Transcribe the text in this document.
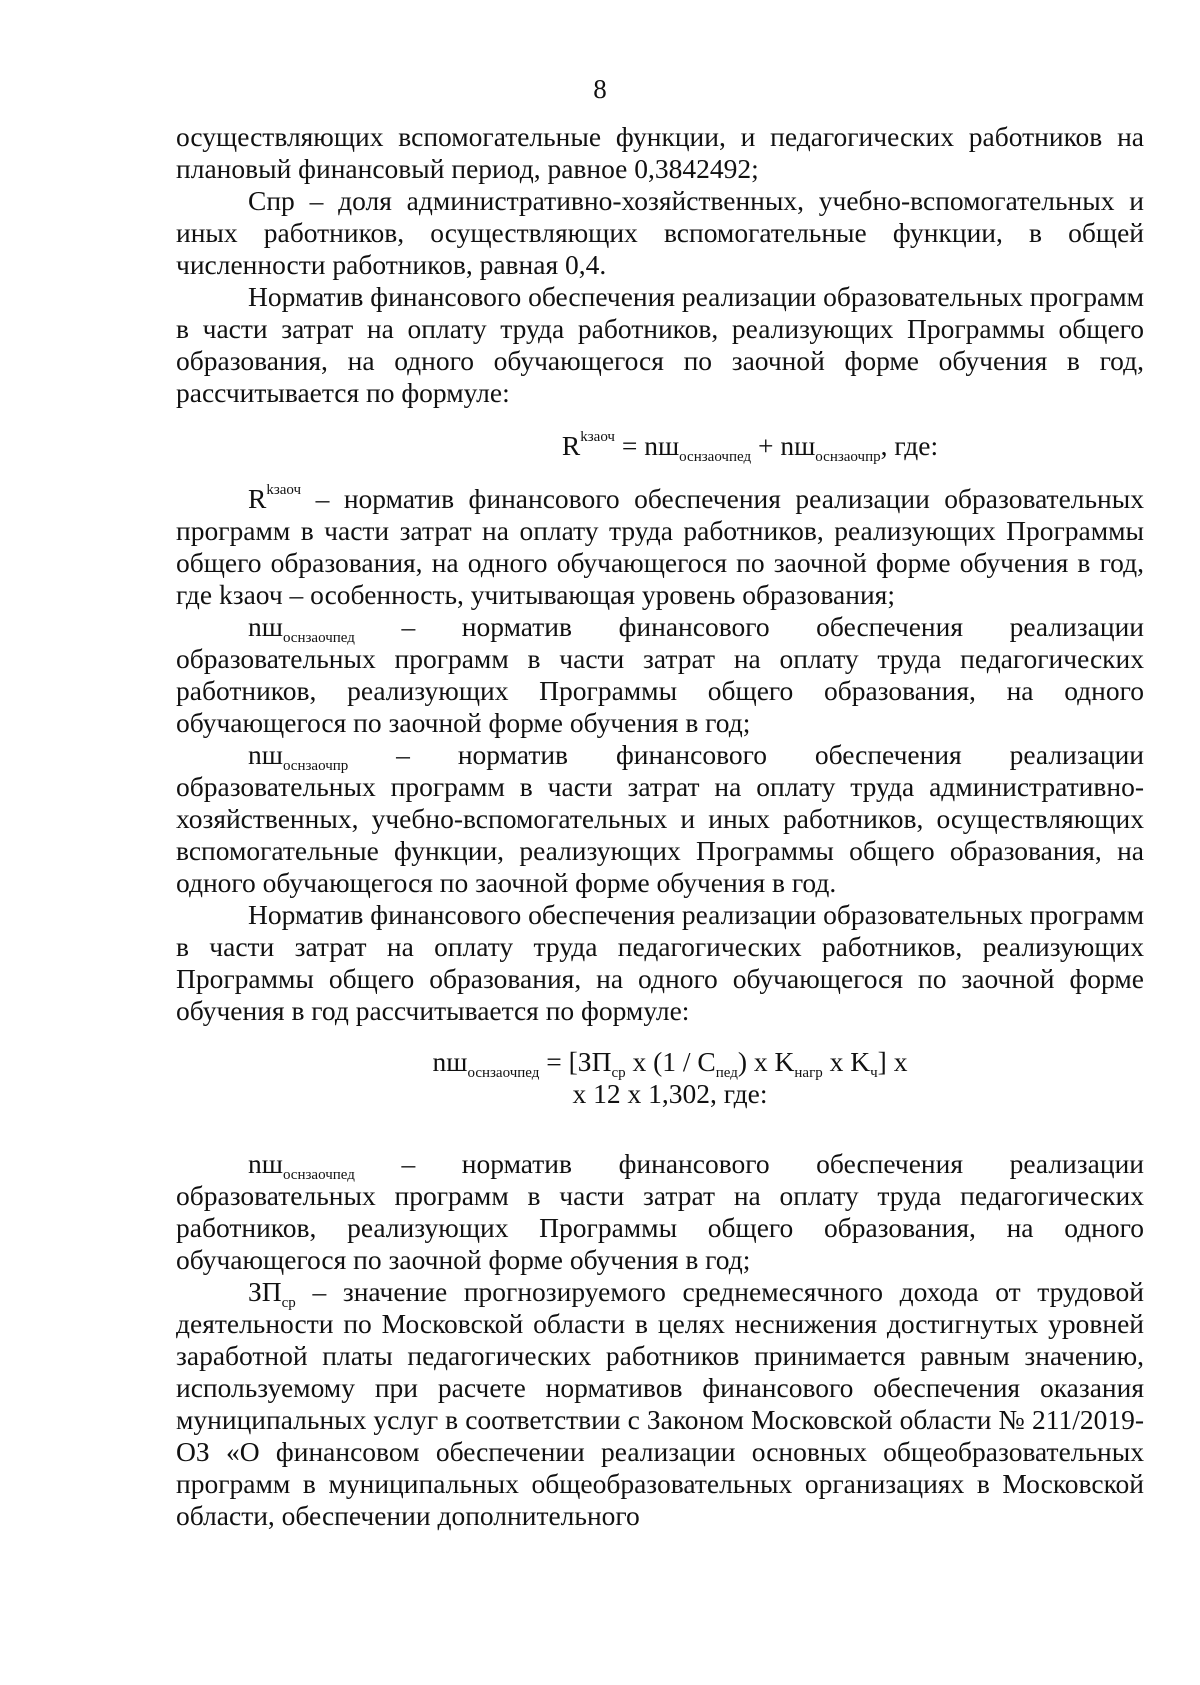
8

осуществляющих вспомогательные функции, и педагогических работников на плановый финансовый период, равное 0,3842492;

Спр – доля административно-хозяйственных, учебно-вспомогательных и иных работников, осуществляющих вспомогательные функции, в общей численности работников, равная 0,4.

Норматив финансового обеспечения реализации образовательных программ в части затрат на оплату труда работников, реализующих Программы общего образования, на одного обучающегося по заочной форме обучения в год, рассчитывается по формуле:

$R^{kзаоч} = nш_{оснзаочпед} + nш_{оснзаочпр}$, где:

$R^{kзаоч}$ – норматив финансового обеспечения реализации образовательных программ в части затрат на оплату труда работников, реализующих Программы общего образования, на одного обучающегося по заочной форме обучения в год, где kзаоч – особенность, учитывающая уровень образования;

$nш_{оснзаочпед}$ – норматив финансового обеспечения реализации образовательных программ в части затрат на оплату труда педагогических работников, реализующих Программы общего образования, на одного обучающегося по заочной форме обучения в год;

$nш_{оснзаочпр}$ – норматив финансового обеспечения реализации образовательных программ в части затрат на оплату труда административно-хозяйственных, учебно-вспомогательных и иных работников, осуществляющих вспомогательные функции, реализующих Программы общего образования, на одного обучающегося по заочной форме обучения в год.

Норматив финансового обеспечения реализации образовательных программ в части затрат на оплату труда педагогических работников, реализующих Программы общего образования, на одного обучающегося по заочной форме обучения в год рассчитывается по формуле:

$nш_{оснзаочпед} = [ЗП_{ср}$ x $(1 / С_{пед})$ x $K_{нагр}$ x $K_ч$] x

x 12 x 1,302, где:

$nш_{оснзаочпед}$ – норматив финансового обеспечения реализации образовательных программ в части затрат на оплату труда педагогических работников, реализующих Программы общего образования, на одного обучающегося по заочной форме обучения в год;

$ЗП_{ср}$ – значение прогнозируемого среднемесячного дохода от трудовой деятельности по Московской области в целях неснижения достигнутых уровней заработной платы педагогических работников принимается равным значению, используемому при расчете нормативов финансового обеспечения оказания муниципальных услуг в соответствии с Законом Московской области № 211/2019-ОЗ «О финансовом обеспечении реализации основных общеобразовательных программ в муниципальных общеобразовательных организациях в Московской области, обеспечении дополнительного
